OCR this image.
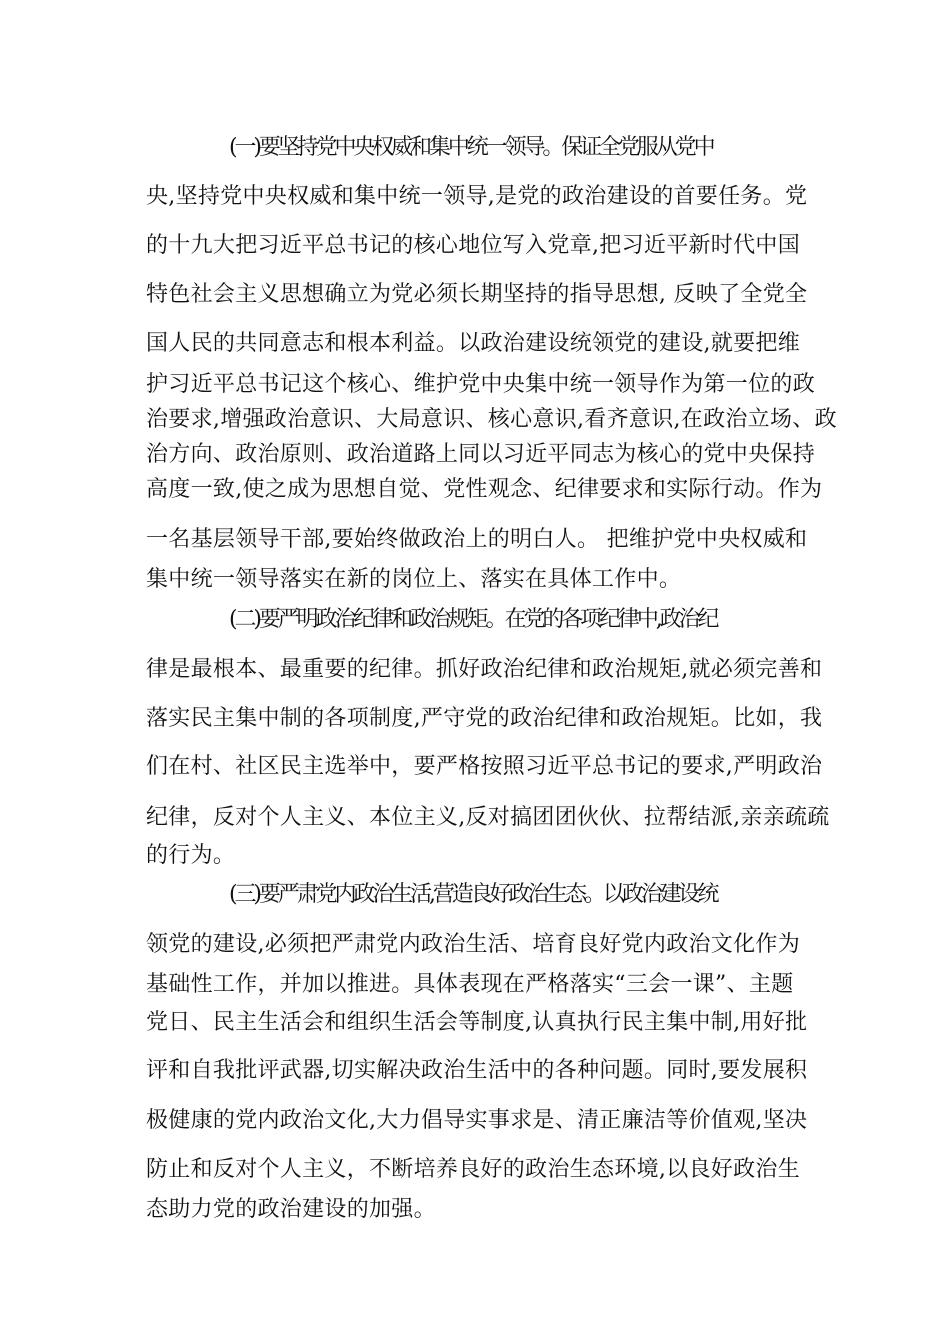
(一)要坚持党中央权威和集中统一领导。保证全党服从党中
央,坚持党中央权威和集中统一领导,是党的政治建设的首要任务。党
的十九大把习近平总书记的核心地位写入党章,把习近平新时代中国
特色社会主义思想确立为党必须长期坚持的指导思想, 反映了全党全
国人民的共同意志和根本利益。以政治建设统领党的建设,就要把维
护习近平总书记这个核心、维护党中央集中统一领导作为第一位的政
治要求,增强政治意识、大局意识、核心意识,看齐意识,在政治立场、政
治方向、政治原则、政治道路上同以习近平同志为核心的党中央保持
高度一致,使之成为思想自觉、党性观念、纪律要求和实际行动。作为
一名基层领导干部,要始终做政治上的明白人。 把维护党中央权威和
集中统一领导落实在新的岗位上、落实在具体工作中。
(二)要严明政治纪律和政治规矩。在党的各项纪律中,政治纪
律是最根本、最重要的纪律。抓好政治纪律和政治规矩,就必须完善和
落实民主集中制的各项制度,严守党的政治纪律和政治规矩。比如，我
们在村、社区民主选举中，要严格按照习近平总书记的要求,严明政治
纪律，反对个人主义、本位主义,反对搞团团伙伙、拉帮结派,亲亲疏疏
的行为。
(三)要严肃党内政治生活,营造良好政治生态。以政治建设统
领党的建设,必须把严肃党内政治生活、培育良好党内政治文化作为
基础性工作，并加以推进。具体表现在严格落实“三会一课”、主题
党日、民主生活会和组织生活会等制度,认真执行民主集中制,用好批
评和自我批评武器,切实解决政治生活中的各种问题。同时,要发展积
极健康的党内政治文化,大力倡导实事求是、清正廉洁等价值观,坚决
防止和反对个人主义，不断培养良好的政治生态环境,以良好政治生
态助力党的政治建设的加强。
